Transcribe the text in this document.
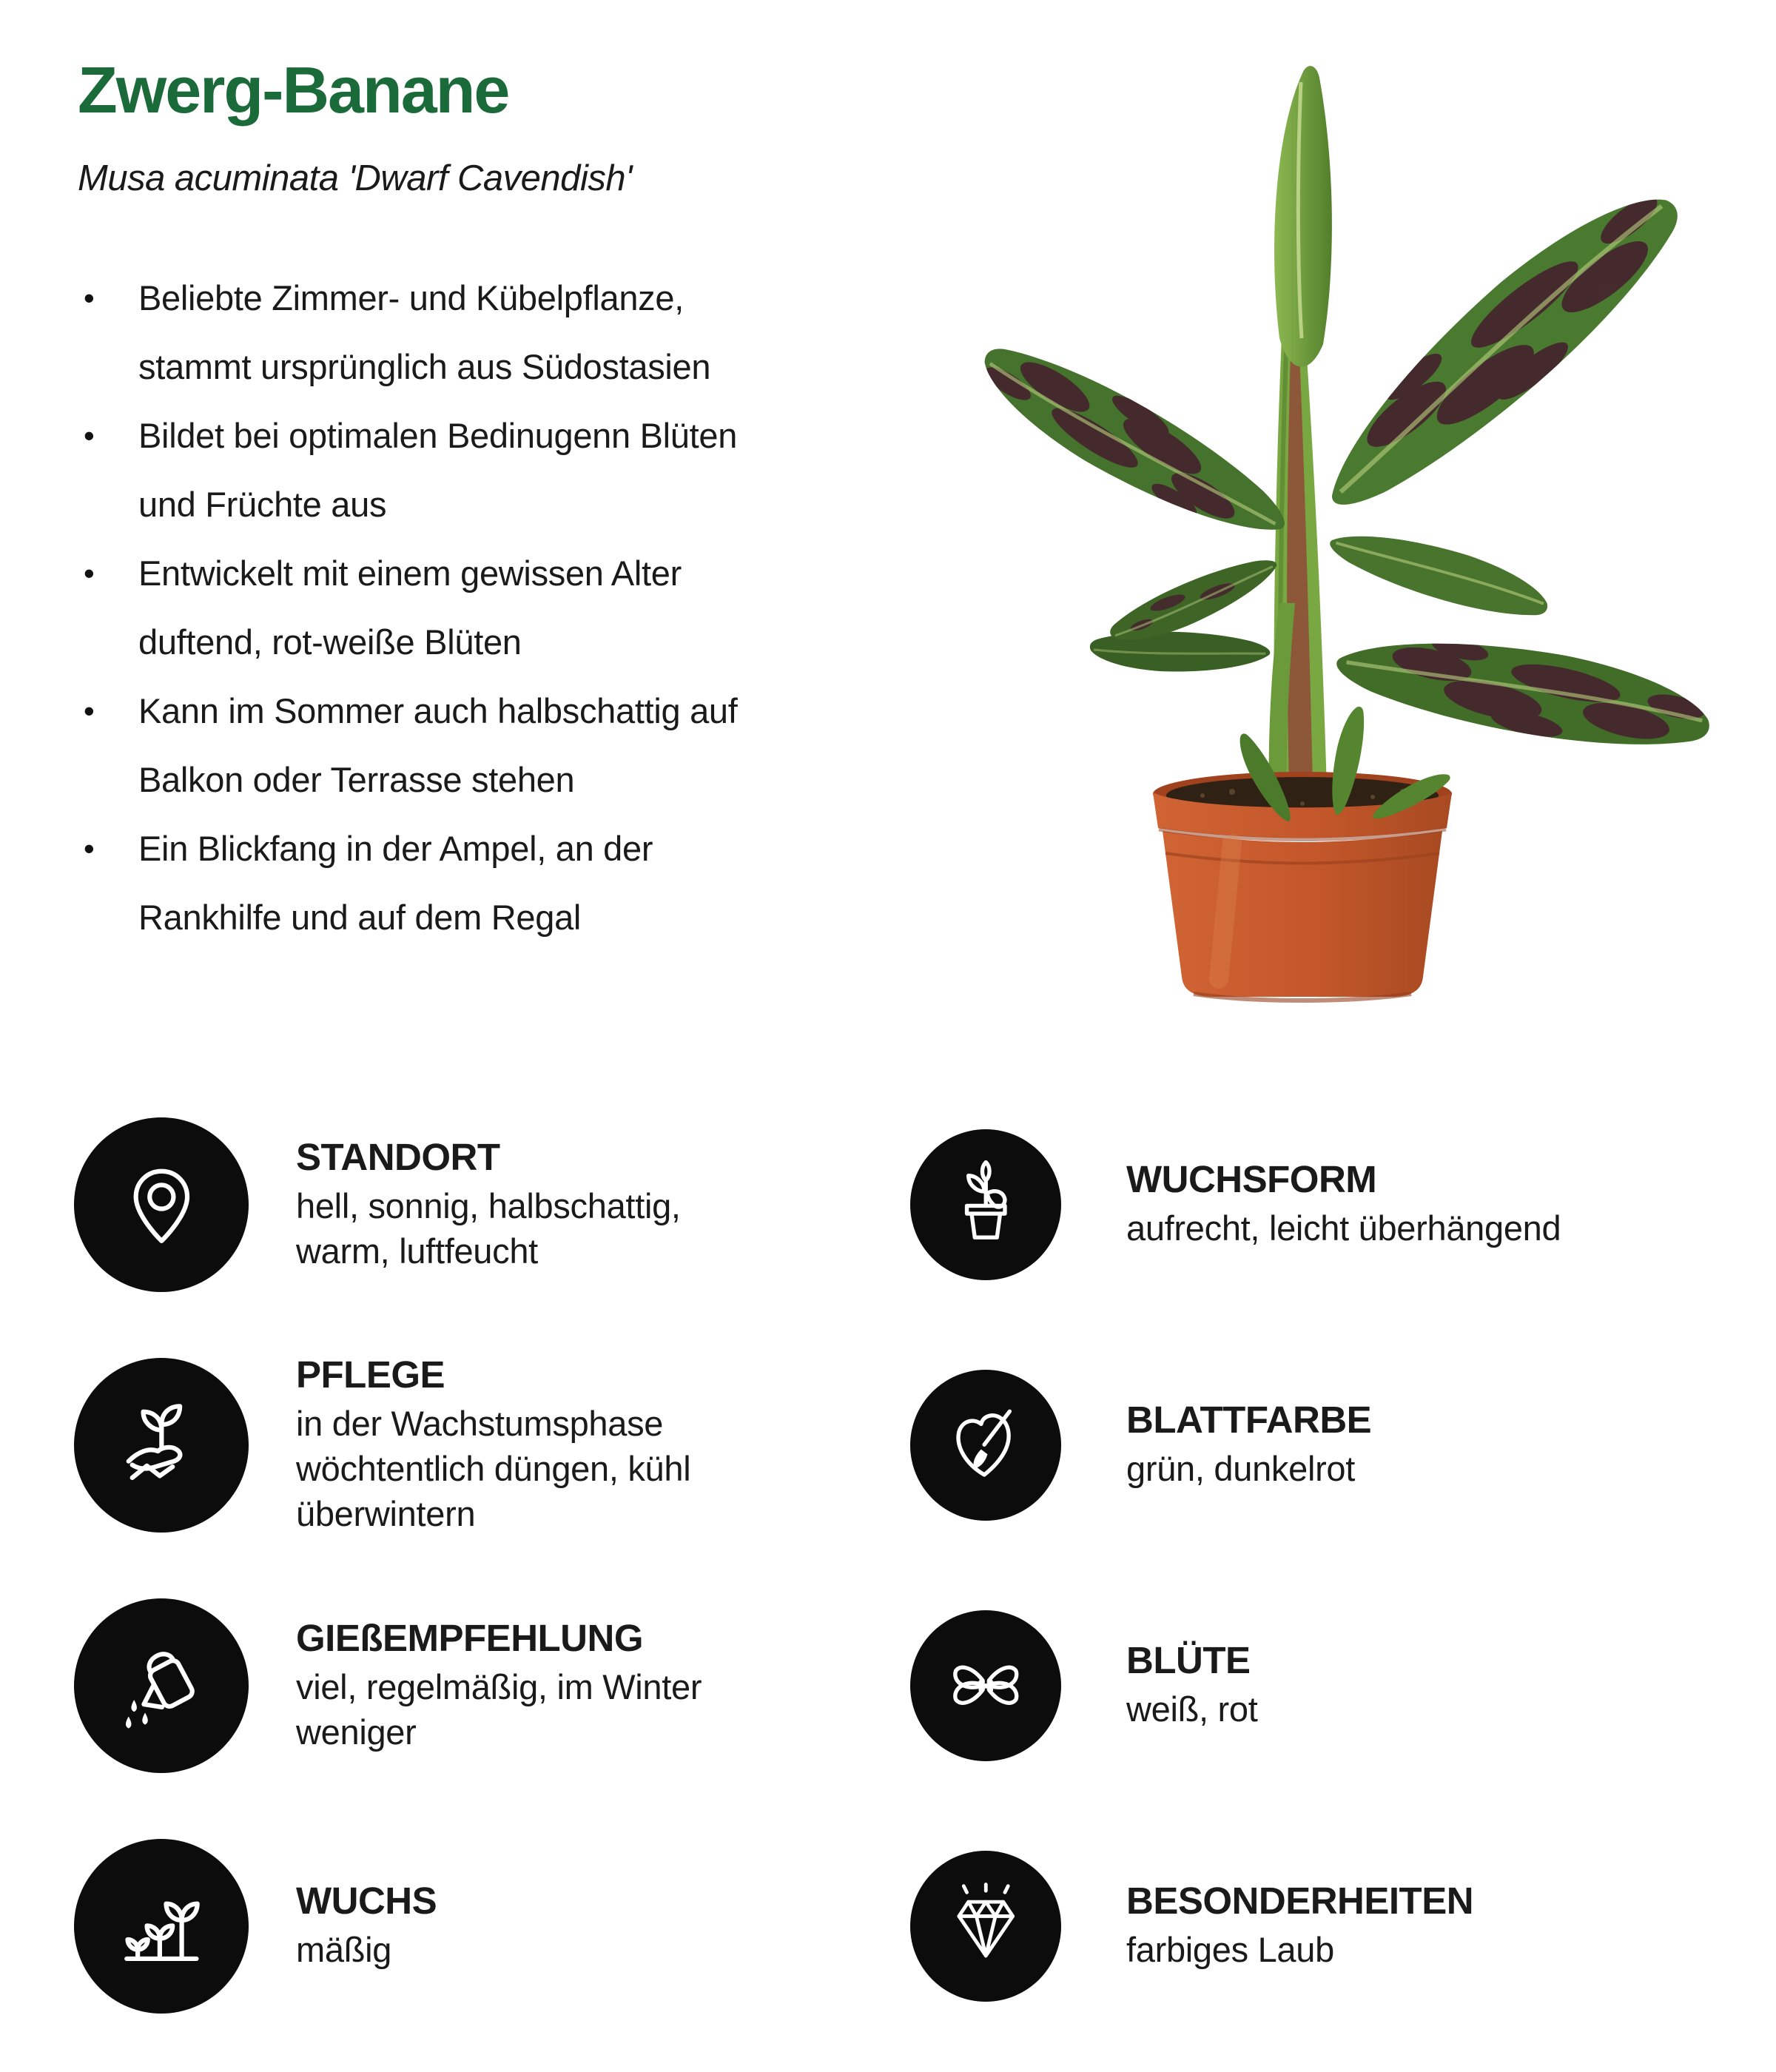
Zwerg-Banane
Musa acuminata 'Dwarf Cavendish'
• Beliebte Zimmer- und Kübelpflanze,
stammt ursprünglich aus Südostasien
• Bildet bei optimalen Bedinugenn Blüten
und Früchte aus
• Entwickelt mit einem gewissen Alter
duftend, rot-weiße Blüten
• Kann im Sommer auch halbschattig auf
Balkon oder Terrasse stehen
• Ein Blickfang in der Ampel, an der
Rankhilfe und auf dem Regal
STANDORT
hell, sonnig, halbschattig,
warm, luftfeucht
WUCHSFORM
aufrecht, leicht überhängend
PFLEGE
in der Wachstumsphase
wöchtentlich düngen, kühl
überwintern
BLATTFARBE
grün, dunkelrot
GIEßEMPFEHLUNG
viel, regelmäßig, im Winter
weniger
BLÜTE
weiß, rot
WUCHS
mäßig
BESONDERHEITEN
farbiges Laub
